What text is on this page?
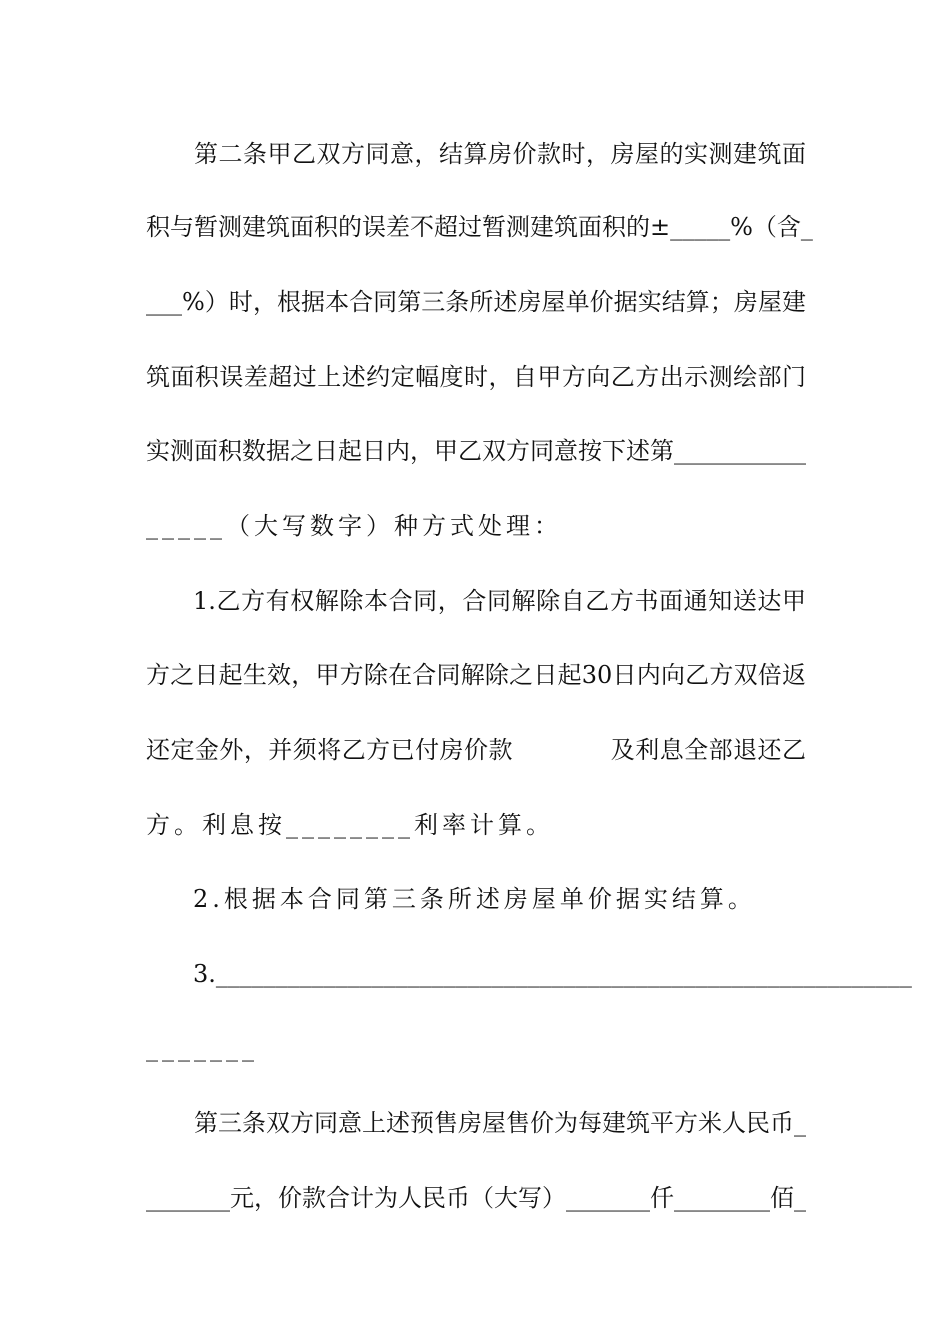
第二条甲乙双方同意，结算房价款时，房屋的实测建筑面
积与暂测建筑面积的误差不超过暂测建筑面积的±_____%（含_
___%）时，根据本合同第三条所述房屋单价据实结算；房屋建
筑面积误差超过上述约定幅度时，自甲方向乙方出示测绘部门
实测面积数据之日起日内，甲乙双方同意按下述第___________
_____（大写数字）种方式处理：
1.乙方有权解除本合同，合同解除自乙方书面通知送达甲
方之日起生效，甲方除在合同解除之日起30日内向乙方双倍返
还定金外，并须将乙方已付房价款　　　　及利息全部退还乙
方。利息按________利率计算。
2.根据本合同第三条所述房屋单价据实结算。
3.__________________________________________________________
_______
第三条双方同意上述预售房屋售价为每建筑平方米人民币_
_______元，价款合计为人民币（大写）_______仟________佰_
